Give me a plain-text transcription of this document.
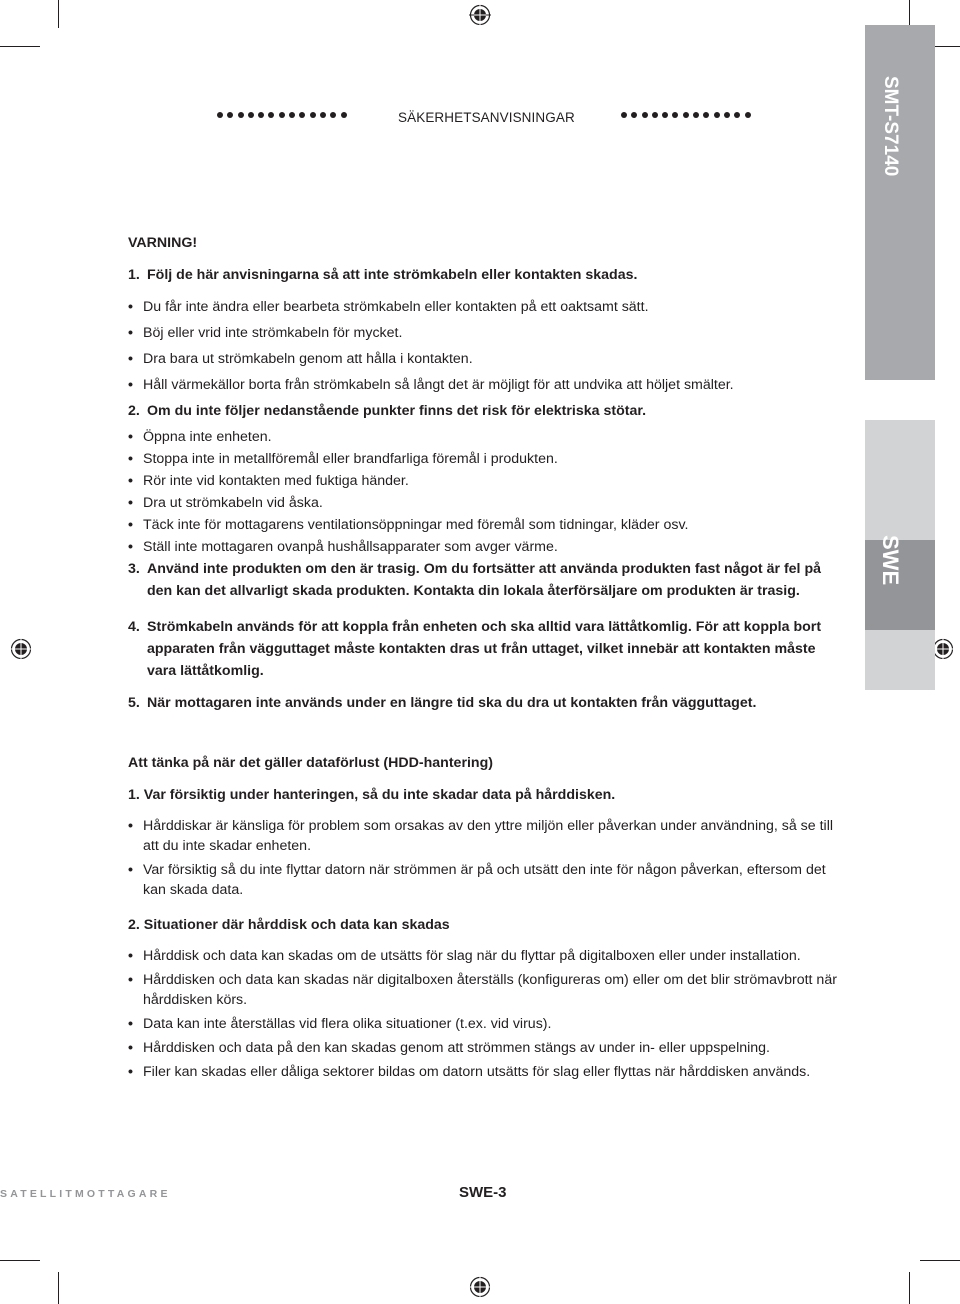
SÄKERHETSANVISNINGAR	SMT-S7140
SWE

VARNING!

1. Följ de här anvisningarna så att inte strömkabeln eller kontakten skadas.

• Du får inte ändra eller bearbeta strömkabeln eller kontakten på ett oaktsamt sätt.

• Böj eller vrid inte strömkabeln för mycket.

• Dra bara ut strömkabeln genom att hålla i kontakten.

• Håll värmekällor borta från strömkabeln så långt det är möjligt för att undvika att höljet smälter.

2. Om du inte följer nedanstående punkter finns det risk för elektriska stötar.

• Öppna inte enheten.

• Stoppa inte in metallföremål eller brandfarliga föremål i produkten.

• Rör inte vid kontakten med fuktiga händer.

• Dra ut strömkabeln vid åska.

• Täck inte för mottagarens ventilationsöppningar med föremål som tidningar, kläder osv.

• Ställ inte mottagaren ovanpå hushållsapparater som avger värme.

3. Använd inte produkten om den är trasig. Om du fortsätter att använda produkten fast något är fel på den kan det allvarligt skada produkten. Kontakta din lokala återförsäljare om produkten är trasig.

4. Strömkabeln används för att koppla från enheten och ska alltid vara lättåtkomlig. För att koppla bort apparaten från vägguttaget måste kontakten dras ut från uttaget, vilket innebär att kontakten måste vara lättåtkomlig.

5. När mottagaren inte används under en längre tid ska du dra ut kontakten från vägguttaget.

Att tänka på när det gäller dataförlust (HDD-hantering)

1. Var försiktig under hanteringen, så du inte skadar data på hårddisken.

• Hårddiskar är känsliga för problem som orsakas av den yttre miljön eller påverkan under användning, så se till att du inte skadar enheten.

• Var försiktig så du inte flyttar datorn när strömmen är på och utsätt den inte för någon påverkan, eftersom det kan skada data.

2. Situationer där hårddisk och data kan skadas

• Hårddisk och data kan skadas om de utsätts för slag när du flyttar på digitalboxen eller under installation.

• Hårddisken och data kan skadas när digitalboxen återställs (konfigureras om) eller om det blir strömavbrott när hårddisken körs.

• Data kan inte återställas vid flera olika situationer (t.ex. vid virus).

• Hårddisken och data på den kan skadas genom att strömmen stängs av under in- eller uppspelning.

• Filer kan skadas eller dåliga sektorer bildas om datorn utsätts för slag eller flyttas när hårddisken används.

SATELLITMOTTAGARE	SWE-3
